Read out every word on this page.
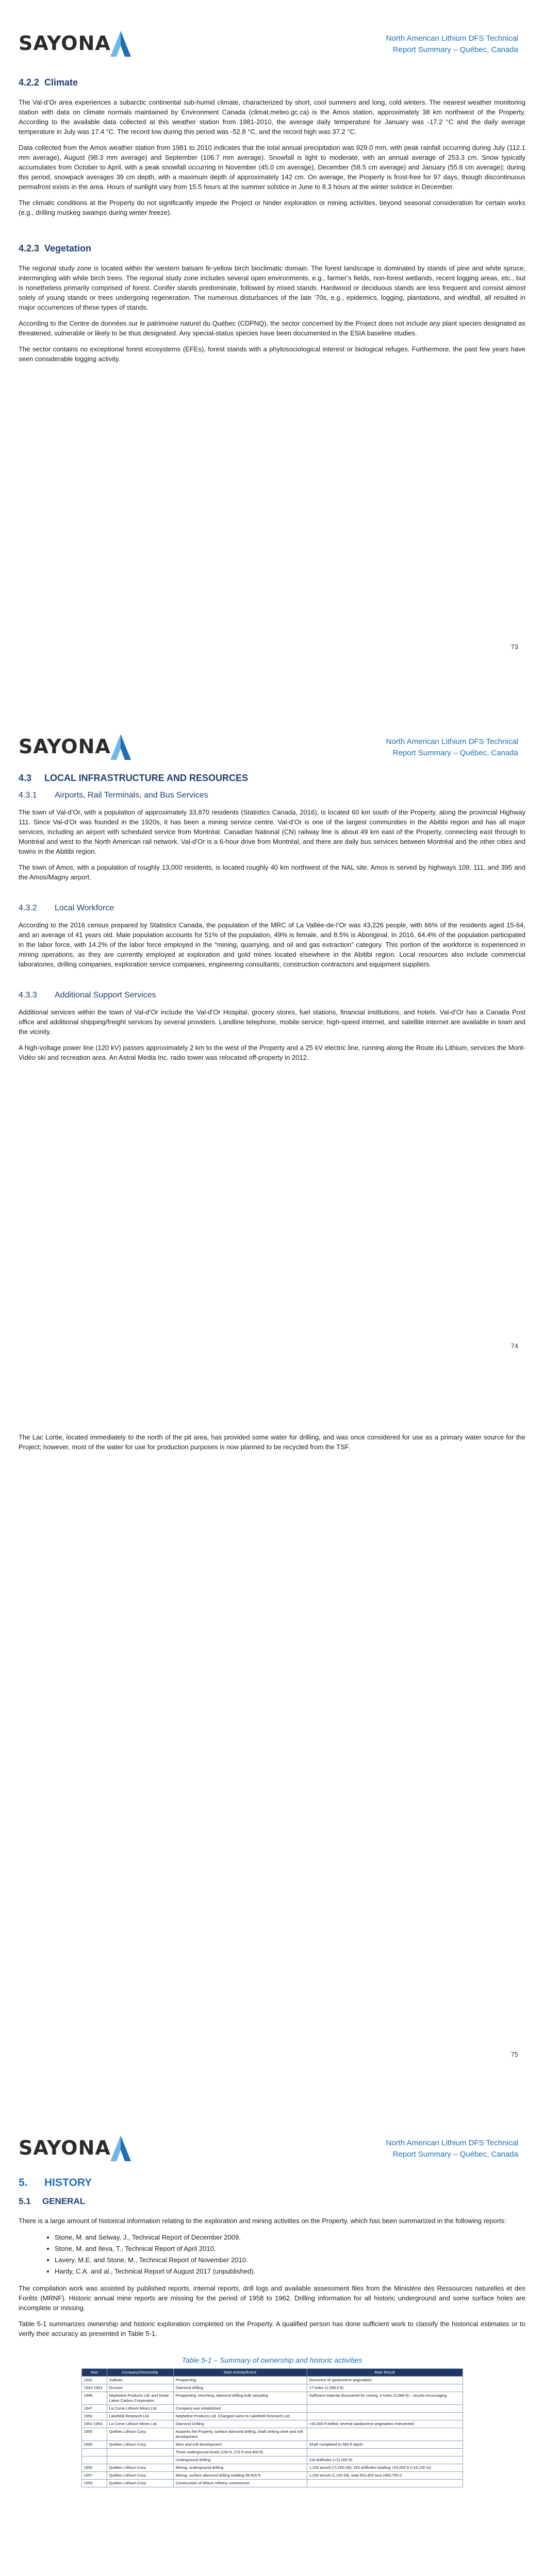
SAYONA	North American Lithium DFS Technical
Report Summary – Québec, Canada
4.2.2 Climate

The Val-d’Or area experiences a subarctic continental sub-humid climate, characterized by short, cool summers and long, cold winters. The nearest weather monitoring station with data on climate normals maintained by Environment Canada (climat.meteo.gc.ca) is the Amos station, approximately 38 km northwest of the Property. According to the available data collected at this weather station from 1981-2010, the average daily temperature for January was -17.2 °C and the daily average temperature in July was 17.4 °C. The record low during this period was -52.8 °C, and the record high was 37.2 °C.

Data collected from the Amos weather station from 1981 to 2010 indicates that the total annual precipitation was 929.0 mm, with peak rainfall occurring during July (112.1 mm average), August (98.3 mm average) and September (106.7 mm average). Snowfall is light to moderate, with an annual average of 253.3 cm. Snow typically accumulates from October to April, with a peak snowfall occurring in November (45.0 cm average), December (58.5 cm average) and January (55.6 cm average); during this period, snowpack averages 39 cm depth, with a maximum depth of approximately 142 cm. On average, the Property is frost-free for 97 days, though discontinuous permafrost exists in the area. Hours of sunlight vary from 15.5 hours at the summer solstice in June to 8.3 hours at the winter solstice in December.

The climatic conditions at the Property do not significantly impede the Project or hinder exploration or mining activities, beyond seasonal consideration for certain works (e.g., drilling muskeg swamps during winter freeze).

4.2.3 Vegetation

The regional study zone is located within the western balsam fir-yellow birch bioclimatic domain. The forest landscape is dominated by stands of pine and white spruce, intermingling with white birch trees. The regional study zone includes several open environments, e.g., farmer’s fields, non-forest wetlands, recent logging areas, etc., but is nonetheless primarily comprised of forest. Conifer stands predominate, followed by mixed stands. Hardwood or deciduous stands are less frequent and consist almost solely of young stands or trees undergoing regeneration. The numerous disturbances of the late ’70s, e.g., epidemics, logging, plantations, and windfall, all resulted in major occurrences of these types of stands.

According to the Centre de données sur le patrimoine naturel du Québec (CDPNQ), the sector concerned by the Project does not include any plant species designated as threatened, vulnerable or likely to be thus designated. Any special-status species have been documented in the ESIA baseline studies.

The sector contains no exceptional forest ecosystems (EFEs), forest stands with a phytosociological interest or biological refuges. Furthermore, the past few years have seen considerable logging activity.

73
SAYONA	North American Lithium DFS Technical
Report Summary – Québec, Canada
4.3 LOCAL INFRASTRUCTURE AND RESOURCES
4.3.1 Airports, Rail Terminals, and Bus Services

The town of Val-d’Or, with a population of approximately 33,870 residents (Statistics Canada, 2016), is located 60 km south of the Property, along the provincial Highway 111. Since Val-d’Or was founded in the 1920s, it has been a mining service centre. Val-d’Or is one of the largest communities in the Abitibi region and has all major services, including an airport with scheduled service from Montréal. Canadian National (CN) railway line is about 49 km east of the Property, connecting east through to Montréal and west to the North American rail network. Val-d’Or is a 6-hour drive from Montréal, and there are daily bus services between Montréal and the other cities and towns in the Abitibi region.

The town of Amos, with a population of roughly 13,000 residents, is located roughly 40 km northwest of the NAL site. Amos is served by highways 109, 111, and 395 and the Amos/Magny airport.

4.3.2 Local Workforce

According to the 2016 census prepared by Statistics Canada, the population of the MRC of La Vallée-de-l’Or was 43,226 people, with 66% of the residents aged 15-64, and an average of 41 years old. Male population accounts for 51% of the population, 49% is female, and 8.5% is Aboriginal. In 2016, 64.4% of the population participated in the labor force, with 14.2% of the labor force employed in the “mining, quarrying, and oil and gas extraction” category. This portion of the workforce is experienced in mining operations, as they are currently employed at exploration and gold mines located elsewhere in the Abitibi region. Local resources also include commercial laboratories, drilling companies, exploration service companies, engineering consultants, construction contractors and equipment suppliers.

4.3.3 Additional Support Services

Additional services within the town of Val-d’Or include the Val-d’Or Hospital, grocery stores, fuel stations, financial institutions, and hotels. Val-d’Or has a Canada Post office and additional shipping/freight services by several providers. Landline telephone, mobile service; high-speed internet, and satellite internet are available in town and the vicinity.

A high-voltage power line (120 kV) passes approximately 2 km to the west of the Property and a 25 kV electric line, running along the Route du Lithium, services the Mont-Vidéo ski and recreation area. An Astral Media Inc. radio tower was relocated off-property in 2012.

74

The Lac Lortie, located immediately to the north of the pit area, has provided some water for drilling, and was once considered for use as a primary water source for the Project; however, most of the water for use for production purposes is now planned to be recycled from the TSF.

75
SAYONA	North American Lithium DFS Technical
Report Summary – Québec, Canada
5. HISTORY
5.1 GENERAL

There is a large amount of historical information relating to the exploration and mining activities on the Property, which has been summarized in the following reports:

• Stone, M. and Selway, J., Technical Report of December 2009.
• Stone, M. and Ileva, T., Technical Report of April 2010.
• Lavery, M.E. and Stone, M., Technical Report of November 2010.
• Hardy, C.A. and al., Technical Report of August 2017 (unpublished).

The compilation work was assisted by published reports, internal reports, drill logs and available assessment files from the Ministère des Ressources naturelles et des Forêts (MRNF). Historic annual mine reports are missing for the period of 1958 to 1962. Drilling information for all historic underground and some surface holes are incomplete or missing.

Table 5-1 summarizes ownership and historic exploration completed on the Property. A qualified person has done sufficient work to classify the historical estimates or to verify their accuracy as presented in Table 5-1.

Table 5-1 – Summary of ownership and historic activities

Year	Company/Ownership	Main Activity/Event	Main Result
1942	Sullivan	Prospecting	Discovery of spodumene pegmatites
1942-1943	Dumont	Diamond drilling	17 holes (1,598.6 ft)
1946	Nepheline Products Ltd. and Great Lakes Carbon Corporation	Prospecting, trenching, diamond drilling bulk sampling	Sufficient material discovered for mining, 6 holes (2,088 ft) – results encouraging
1947	La Corne Lithium Mines Ltd.	Company was established	
1950	Lakefield Research Ltd.	Nepheline Products Ltd. Changed name to Lakefield Research Ltd.	
1951-1954	La Corne Lithium Mines Ltd.	Diamond Drilling	>30,000 ft drilled; several spodumene pegmatites intersected
1955	Québec Lithium Corp.	Acquires the Property, surface diamond drilling, shaft sinking mine and mill development	
1955	Québec Lithium Corp.	Mine and mill development	Shaft completed to 560 ft depth
		Three underground levels (150 ft, 275 ft and 400 ft)	
		Underground drilling	118 drillholes (>11,000 ft)
1956	Québec Lithium Corp.	Mining, underground drilling	1,100 tons/d (71,000 t/d); 325 drillholes totalling >53,000 ft (>16,150 m)
1957	Québec Lithium Corp.	Mining, surface diamond drilling totalling 58,920 ft	1,250 tons/d (1,135 t/d), total 553,403 tons (460,750 t)
1959	Québec Lithium Corp.	Construction of lithium refinery commences	
